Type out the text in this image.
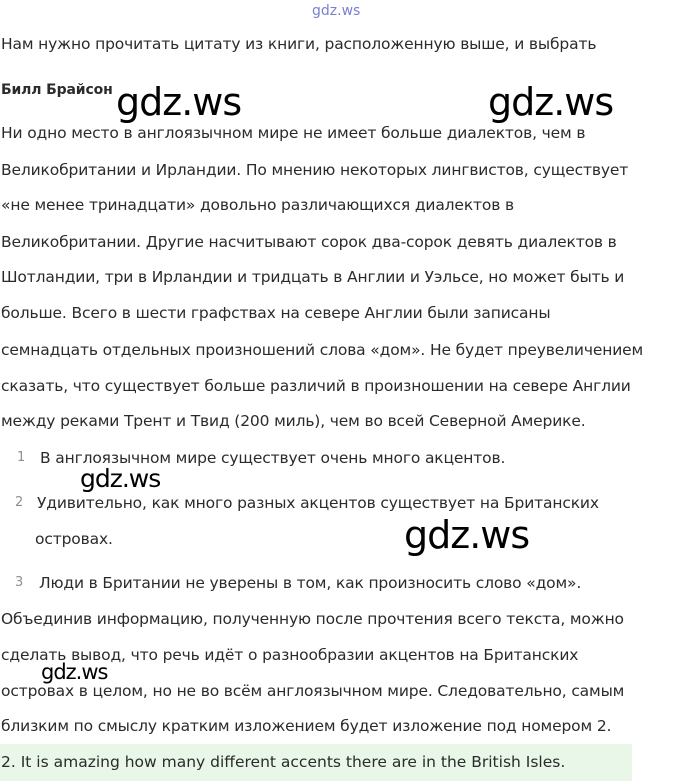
gdz.ws
gdz.ws	gdz.ws
gdz.ws
gdz.ws
gdz.ws
Нам нужно прочитать цитату из книги, расположенную выше, и выбрать
Билл Брайсон
Ни одно место в англоязычном мире не имеет больше диалектов, чем в
Великобритании и Ирландии. По мнению некоторых лингвистов, существует
«не менее тринадцати» довольно различающихся диалектов в
Великобритании. Другие насчитывают сорок два-сорок девять диалектов в
Шотландии, три в Ирландии и тридцать в Англии и Уэльсе, но может быть и
больше. Всего в шести графствах на севере Англии были записаны
семнадцать отдельных произношений слова «дом». Не будет преувеличением
сказать, что существует больше различий в произношении на севере Англии
между реками Трент и Твид (200 миль), чем во всей Северной Америке.
1 В англоязычном мире существует очень много акцентов.
2 Удивительно, как много разных акцентов существует на Британских
островах.
3 Люди в Британии не уверены в том, как произносить слово «дом».
Объединив информацию, полученную после прочтения всего текста, можно
сделать вывод, что речь идёт о разнообразии акцентов на Британских
островах в целом, но не во всём англоязычном мире. Следовательно, самым
близким по смыслу кратким изложением будет изложение под номером 2.
2. It is amazing how many different accents there are in the British Isles.
